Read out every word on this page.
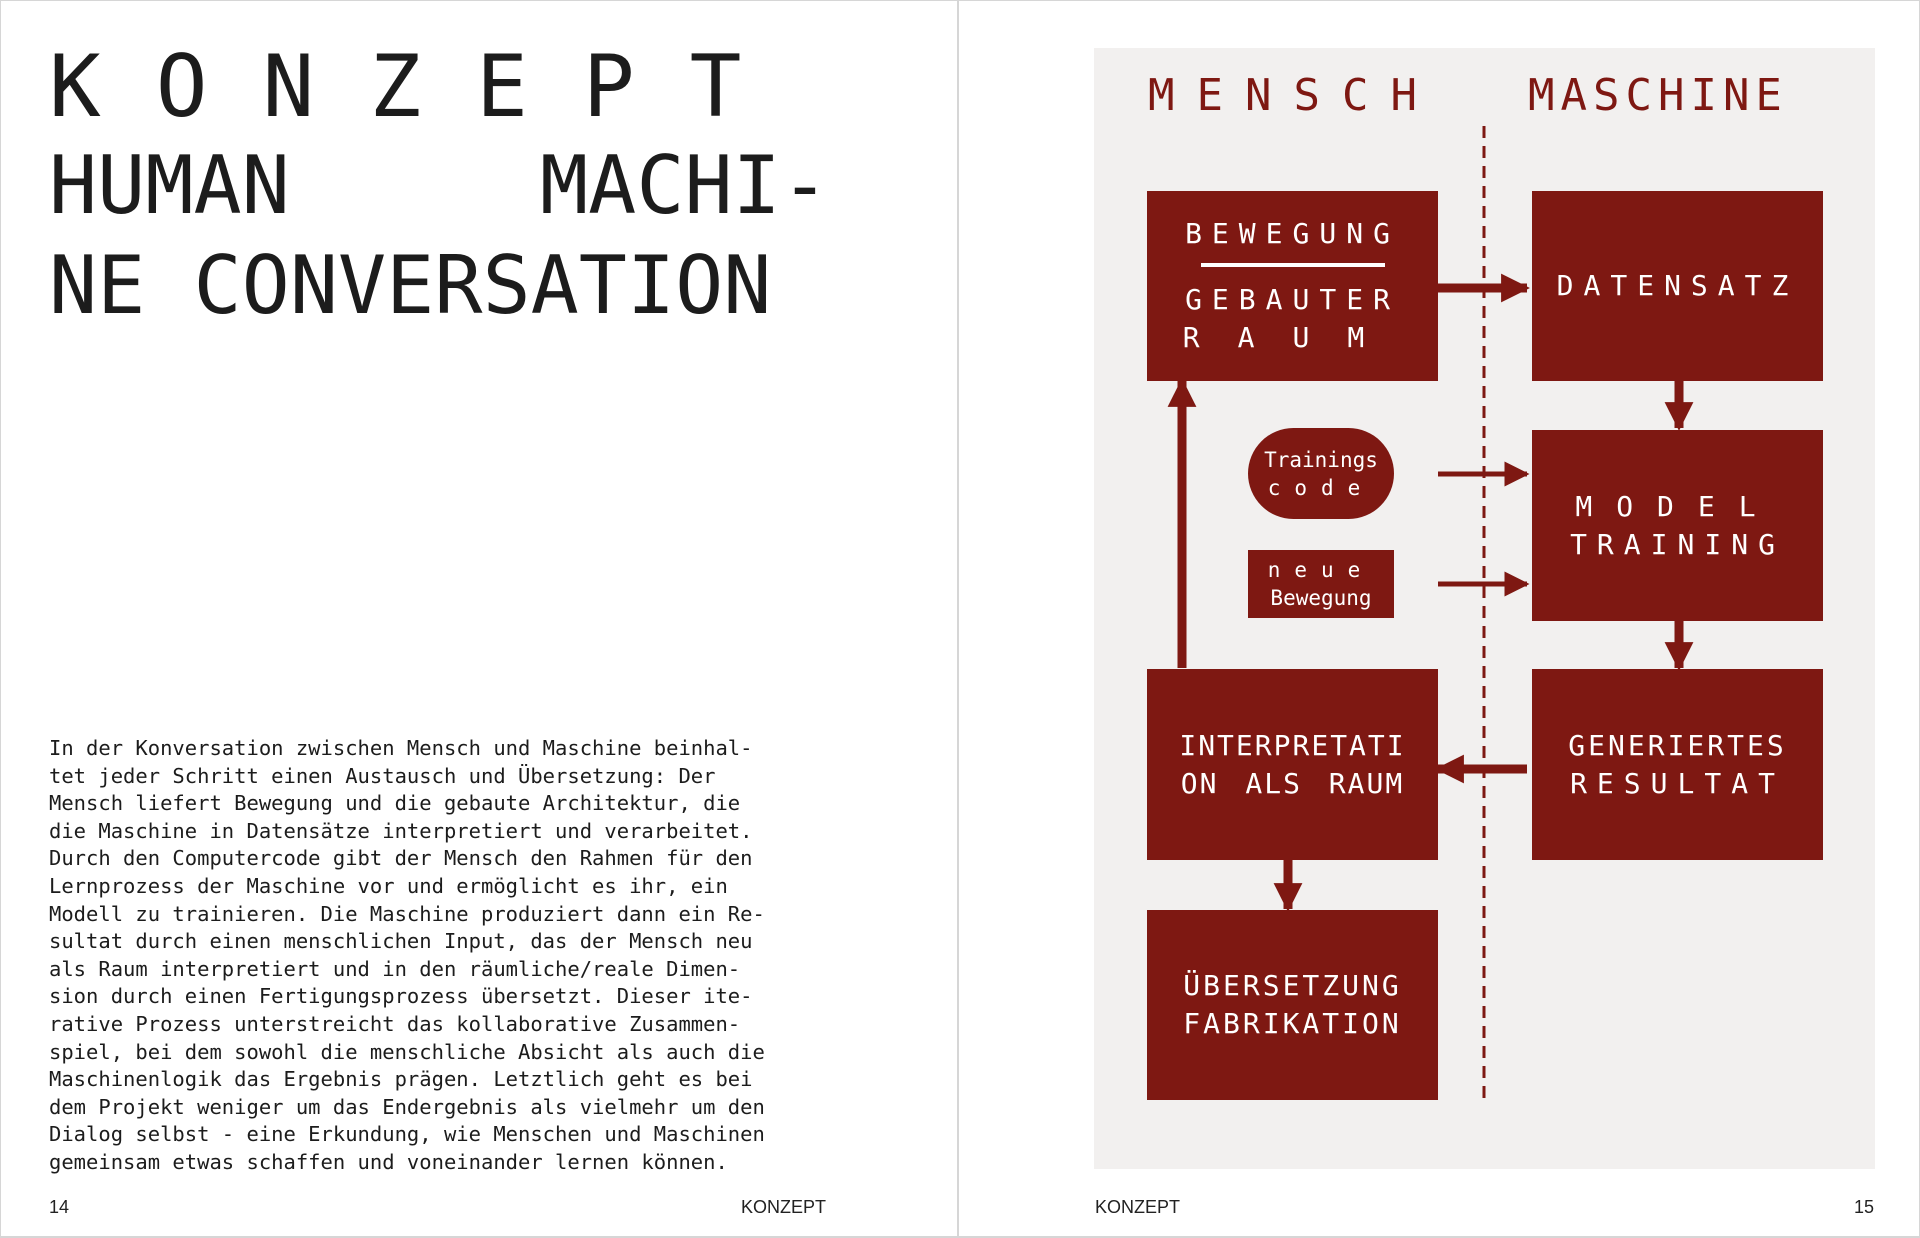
KONZEPT
HUMAN	MACHI-
NE CONVERSATION

In der Konversation zwischen Mensch und Maschine beinhal-
tet jeder Schritt einen Austausch und Übersetzung: Der
Mensch liefert Bewegung und die gebaute Architektur, die
die Maschine in Datensätze interpretiert und verarbeitet.
Durch den Computercode gibt der Mensch den Rahmen für den
Lernprozess der Maschine vor und ermöglicht es ihr, ein
Modell zu trainieren. Die Maschine produziert dann ein Re-
sultat durch einen menschlichen Input, das der Mensch neu
als Raum interpretiert und in den räumliche/reale Dimen-
sion durch einen Fertigungsprozess übersetzt. Dieser ite-
rative Prozess unterstreicht das kollaborative Zusammen-
spiel, bei dem sowohl die menschliche Absicht als auch die
Maschinenlogik das Ergebnis prägen. Letztlich geht es bei
dem Projekt weniger um das Endergebnis als vielmehr um den
Dialog selbst - eine Erkundung, wie Menschen und Maschinen
gemeinsam etwas schaffen und voneinander lernen können.

14	KONZEPT
MENSCH MASCHINE
BEWEGUNG
GEBAUTER
RAUM
DATENSATZ
MODEL
TRAINING
GENERIERTES
RESULTAT
INTERPRETATI
ON ALS RAUM
ÜBERSETZUNG
FABRIKATION
Trainings
code
neue
Bewegung
KONZEPT	15
